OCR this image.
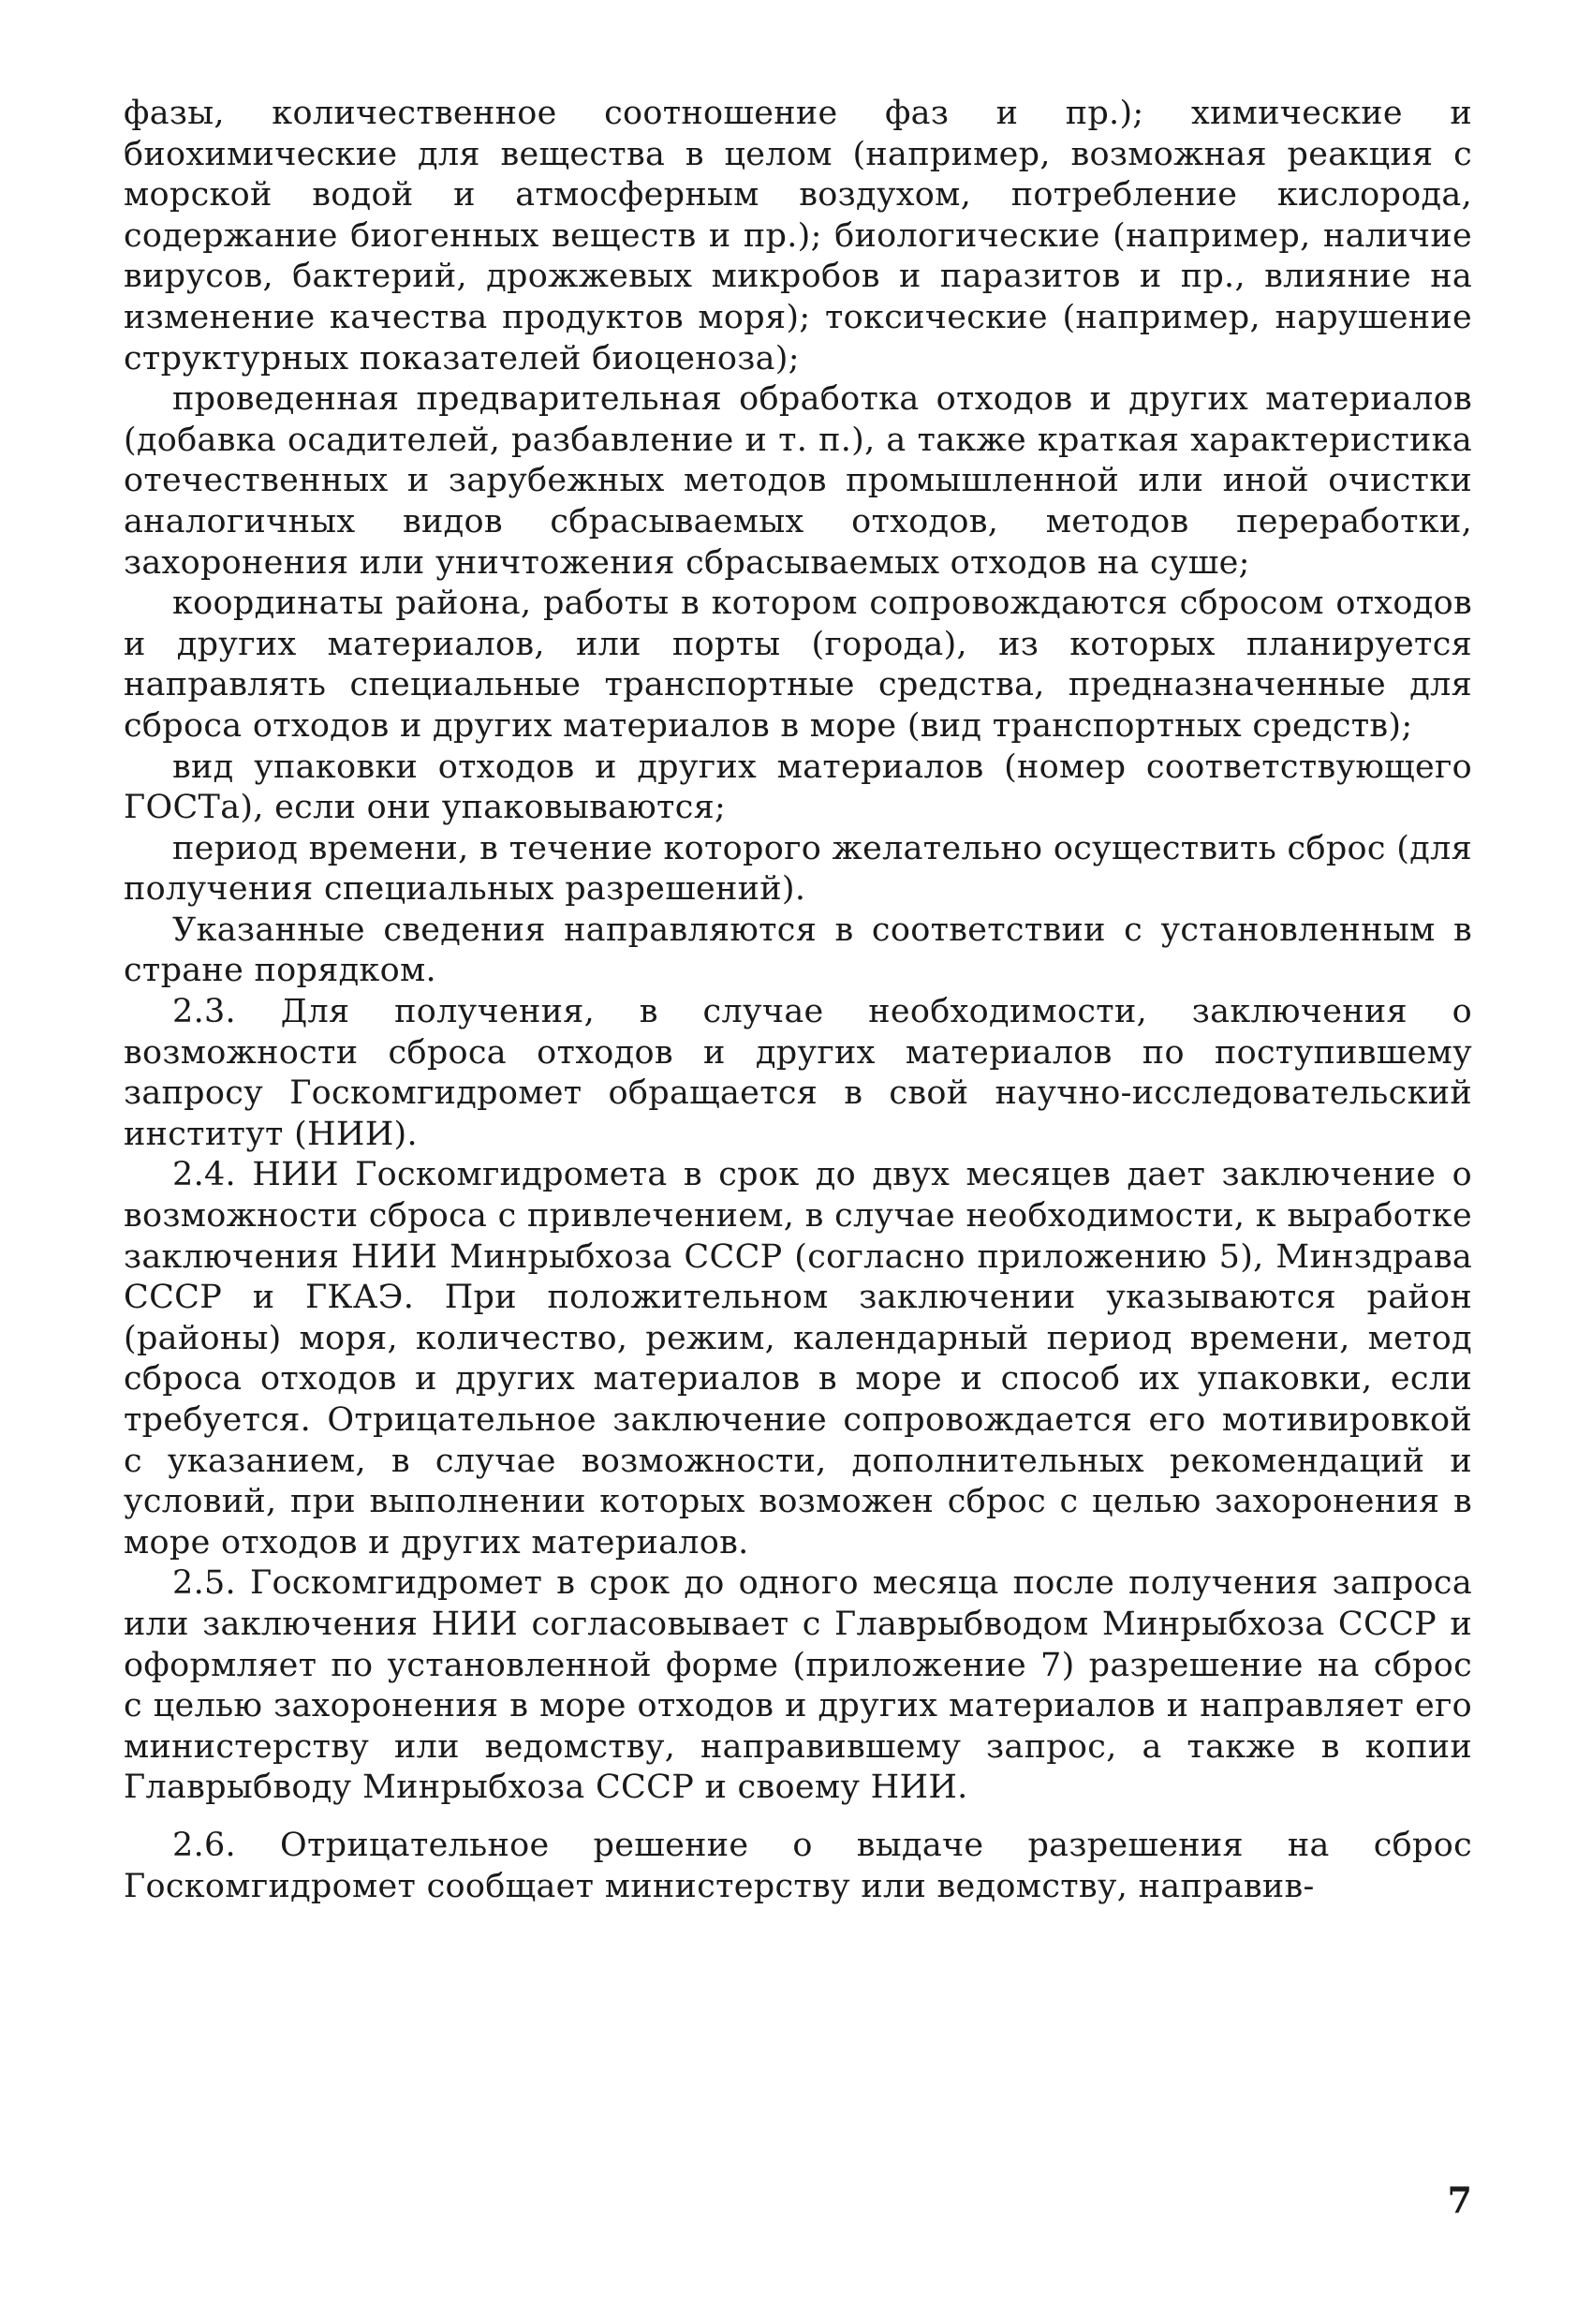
фазы, количественное соотношение фаз и пр.); химические и биохимические для вещества в целом (например, возможная реакция с морской водой и атмосферным воздухом, потребление кислорода, содержание биогенных веществ и пр.); биологические (например, наличие вирусов, бактерий, дрожжевых микробов и паразитов и пр., влияние на изменение качества продуктов моря); токсические (например, нарушение структурных показателей биоценоза);

проведенная предварительная обработка отходов и других материалов (добавка осадителей, разбавление и т. п.), а также краткая характеристика отечественных и зарубежных методов промышленной или иной очистки аналогичных видов сбрасываемых отходов, методов переработки, захоронения или уничтожения сбрасываемых отходов на суше;

координаты района, работы в котором сопровождаются сбросом отходов и других материалов, или порты (города), из которых планируется направлять специальные транспортные средства, предназначенные для сброса отходов и других материалов в море (вид транспортных средств);

вид упаковки отходов и других материалов (номер соответствующего ГОСТа), если они упаковываются;

период времени, в течение которого желательно осуществить сброс (для получения специальных разрешений).

Указанные сведения направляются в соответствии с установленным в стране порядком.

2.3. Для получения, в случае необходимости, заключения о возможности сброса отходов и других материалов по поступившему запросу Госкомгидромет обращается в свой научно-исследовательский институт (НИИ).

2.4. НИИ Госкомгидромета в срок до двух месяцев дает заключение о возможности сброса с привлечением, в случае необходимости, к выработке заключения НИИ Минрыбхоза СССР (согласно приложению 5), Минздрава СССР и ГКАЭ. При положительном заключении указываются район (районы) моря, количество, режим, календарный период времени, метод сброса отходов и других материалов в море и способ их упаковки, если требуется. Отрицательное заключение сопровождается его мотивировкой с указанием, в случае возможности, дополнительных рекомендаций и условий, при выполнении которых возможен сброс с целью захоронения в море отходов и других материалов.

2.5. Госкомгидромет в срок до одного месяца после получения запроса или заключения НИИ согласовывает с Главрыбводом Минрыбхоза СССР и оформляет по установленной форме (приложение 7) разрешение на сброс с целью захоронения в море отходов и других материалов и направляет его министерству или ведомству, направившему запрос, а также в копии Главрыбводу Минрыбхоза СССР и своему НИИ.

2.6. Отрицательное решение о выдаче разрешения на сброс Госкомгидромет сообщает министерству или ведомству, направив-

7
